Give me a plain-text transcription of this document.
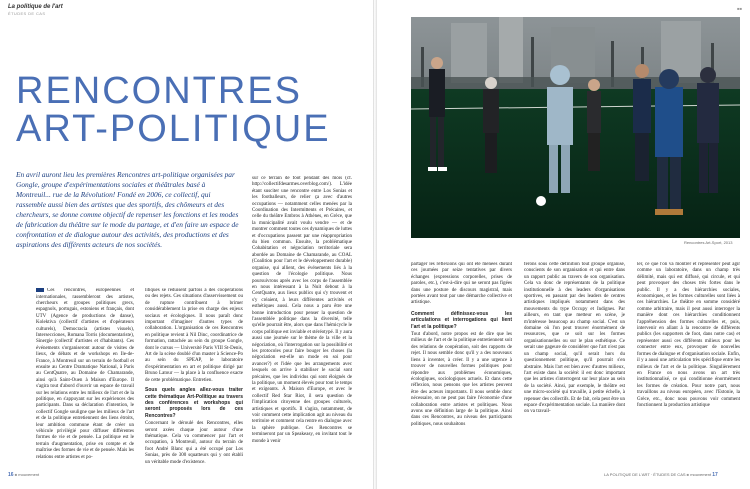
La politique de l'art
ÉTUDES DE CAS
RENCONTRES
ART-POLITIQUE
En avril auront lieu les premières Rencontres art-politique organisées par Gongle, groupe d'expérimentations sociales et théâtrales basé à Montreuil... rue de la Révolution! Fondé en 2006, ce collectif, qui rassemble aussi bien des artistes que des sportifs, des chômeurs et des chercheurs, se donne comme objectif de repenser les fonctions et les modes de fabrication du théâtre sur le mode du partage, et d'en faire un espace de confrontation et de dialogue autour des activités, des productions et des aspirations des différents acteurs de nos sociétés.
Ces rencontres, européennes et internationales, rassembleront des artistes, chercheurs et groupes politiques grecs, espagnols, portugais, estoniens et français, dont UTV (Agence de productions de danse), Kolektiva (collectif d'artistes et d'opérateurs culturels), Democracia (artistes visuels), Intersecciones, Romana Torris (documentariste), Sinergie (collectif d'artistes et d'habitants). Ces événements s'organiseront autour de visites de lieux, de débats et de workshops en Ile-de-France, à Montreuil sur un terrain de football et ensuite au Centre Dramatique National, à Paris au CentQuatre, au Domaine de Chamarande, ainsi qu'à Saint-Ouen à Maison d'Europe. Il s'agira tout d'abord d'ouvrir un espace de travail sur les relations entre les milieux de l'art et de la politique, en s'appuyant sur les expériences des participants. Dans sa déclaration d'intention, le collectif Gongle souligne que les milieux de l'art et de la politique entretiennent des liens étroits, leur ambition commune étant de créer un véhicule privilégié pour diffuser différentes formes de vie et de pensée. La politique est le terrain d'augmentation, prise en compte et de maîtrise des formes de vie et de pensée. Mais les relations entre artistes et po-
litiques se réduisent parfois à des coopérations ou des rejets. Ces situations d'asservissement ou de rupture contribuent à brimer considérablement la prise en charge des enjeux sociaux et écologiques. Il nous paraît donc important d'imaginer d'autres types de collaboration. L'organisation de ces Rencontres en politique revient à Nil Dinc, coordinatrice de formation, rattachée au sein du groupe Gongle, dont le cursus — Université Paris VIII St-Denis, Art de la scène doublé d'un master à Science-Po au sein du SPEAP, le laboratoire d'expérimentation en art et politique dirigé par Bruno Latour — la place à la confluence exacte de cette problématique. Entretien.
Sous quels angles allez-vous traiter cette thématique Art-Politique au travers des conférences et workshops qui seront proposés lors de ces Rencontres?
Concernant le déroulé des Rencontres, elles seront axées chaque jour autour d'une thématique. Cela va commencer par l'art et occupation, à Montreuil, autour du terrain de foot André Blanc qui a été occupé par Los Sonias, près de 300 squatteurs qui y ont établi un véritable mode d'existence.
sur ce terrain de foot pendant des mois (cf. http://collectifdesarmes.overblog.com/). L'idée étant susciter une rencontre entre Los Sonias et les footballeurs, de relier ça avec d'autres occupations — notamment celles menées par la Coordination des Intermittents et Précaires, et celle du théâtre Embros à Athènes, en Grèce, que la municipalité avait voulu vendre — et de montrer comment toutes ces dynamiques de luttes et d'occupations passent par une réappropriation du bien commun. Ensuite, la problématique Cohabitation et négociation territoriale sera abordée au Domaine de Chamarande, au COAL (Coalition pour l'art et le développement durable) organise, qui allient, des événements liés à la question de l'écologie politique. Nous poursuivrons après avec les corps de l'assemblée en nous intéressant à la Nuit debout à la CentQuatre, aux lieux publics qui s'y trouvent et s'y créaient, à leurs différentes activités et esthétiques aussi. Cela nous a paru être une bonne introduction pour penser la question de l'assemblée politique dans la diversité, telle qu'elle pourrait être, alors que dans l'hémicycle le corps politique est inviable et stéréotypé. Il y aura aussi une journée sur le thème de la ville et la négociation, où l'interrogation sur la possibilité et les protocoles pour faire bouger les choses (la négociation est-elle un mode en soi pour avancer?) et l'idée que les arrangements avec lesquels on arrive à stabiliser le social sont précaires, que les individus qui sont éloignés de la politique, un moment élevés pour tout le temps et exigeants. À Maison d'Europe, et avec le collectif Red Star Riot, il sera question de l'implication citoyenne des groupes culturels, artistiques et sportifs. Il s'agira, notamment, de voir comment cette implication agit au niveau du territoire et comment cela rentre en dialogue avec la sphère publique. Ces Rencontres se termineront par un Speakeasy, en invitant tout le monde à venir
16 ■ mouvement
■■
Rencontres Art-Sport, 2013
partager les réflexions qui ont été menées durant ces journées par seize tentatives par divers échanges (expressions corporelles, prises de paroles, etc.), c'est-à-dire qui ne seront pas figées dans une posture de discours magistral, mais portées avant tout par une démarche collective et artistique.
Comment définissez-vous les articulations et interrogations qui lient l'art et la politique?
Tout d'abord, notre propos est de dire que les milieux de l'art et de la politique entretiennent soit des relations de coopération, soit des rapports de rejet. Il nous semble donc qu'il y a des nouveaux liens à inventer, à créer. Il y a une urgence à trouver de nouvelles formes politiques pour répondre aux problèmes économiques, écologiques, sociologiques actuels. Et dans cette réflexion, nous pensons que les artistes peuvent être des acteurs importants. Il nous semble donc nécessaire, on ne peut pas faire l'économie d'une collaboration entre artistes et politiques. Nous avons une définition large de la politique. Ainsi dans ces Rencontres, au niveau des participants politiques, nous souhaitons
ferons sous cette définition tout groupe organisé, conscients de son organisation et qui entre dans un rapport public au travers de son organisation. Cela va donc de représentants de la politique institutionnelle à des leaders d'organisations sportives, en passant par des leaders de centres artistiques impliqués notamment dans des mouvements du type Occupy et Indignes. Par ailleurs, en tant que metteur en scène, je m'intéresse beaucoup au champ social. C'est un domaine où l'on peut trouver énormément de ressources, que ce soit sur les formes organisationnelles ou sur le plan esthétique. Ce serait une gageure de considérer que l'art n'est pas un champ social, qu'il serait hors du questionnement politique, qu'il pourrait s'en abstraire. Mais l'art est bien avec d'autres milieux, l'art existe dans la société: il est donc important que les artistes s'interrogent sur leur place au sein de la société. Ainsi, par exemple, le théâtre est une micro-société qui travaille, à petite échelle, à repenser des collectifs. Et de fait, cela peut être un espace d'expérimentation sociale. La manière dont on va travail-
ler, ce que l'on va montrer et représenter peut agir comme un laboratoire, dans un champ très délimité, mais qui est diffusé, qui circule, et qui peut provoquer des choses très fortes dans le public. Il y a des hiérarchies sociales, économiques, et les formes culturelles sont liées à ces hiérarchies. Le théâtre en somme considéré comme arbitraire, mais il peut aussi interroger la manière dont ces hiérarchies conditionnent l'appréhension des formes culturelles et, puis, intervenir en allant à la rencontre de différents publics (les supporters de foot, dans notre cas) et représenter aussi ces différents milieux pour les connecter entre eux, provoquer de nouvelles formes de dialogue et d'organisation sociale. Enfin, il y a aussi une articulation très spécifique entre les milieux de l'art et de la politique. Singulièrement en France on nous avons un art très institutionnalisé, ce qui conditionne énormément les formes de création. Pour notre part, nous travaillons au niveau européen, avec l'Estonie, la Grèce, etc., donc nous pouvons voir comment fonctionnent la production artistique
LA POLITIQUE DE L'ART · ÉTUDES DE CAS ■ mouvement 17
